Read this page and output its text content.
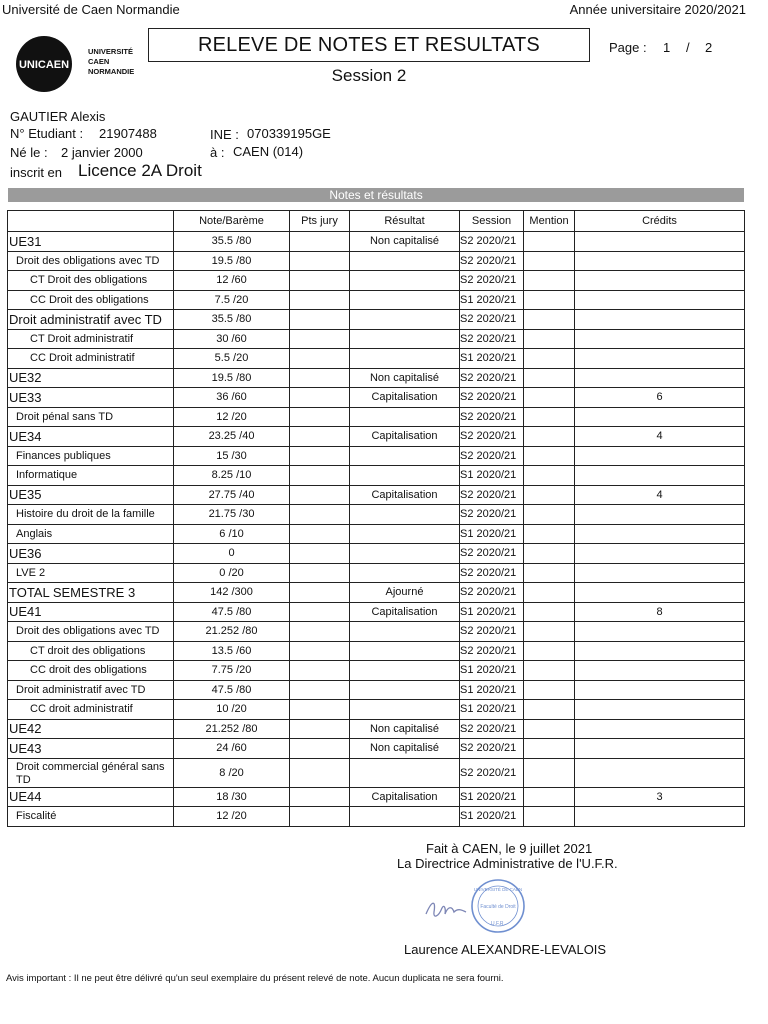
Université de Caen Normandie	Année universitaire 2020/2021
UNICAEN
UNIVERSITÉ
CAEN
NORMANDIE
RELEVE DE NOTES ET RESULTATS
Session 2
Page : 1 / 2
GAUTIER Alexis
N° Etudiant : 21907488	INE : 070339195GE
Né le : 2 janvier 2000	à : CAEN (014)
inscrit en Licence 2A Droit
Notes et résultats
	Note/Barème	Pts jury	Résultat	Session	Mention	Crédits
UE31	35.5 /80		Non capitalisé	S2 2020/21		
Droit des obligations avec TD	19.5 /80			S2 2020/21		
CT Droit des obligations	12 /60			S2 2020/21		
CC Droit des obligations	7.5 /20			S1 2020/21		
Droit administratif avec TD	35.5 /80			S2 2020/21		
CT Droit administratif	30 /60			S2 2020/21		
CC Droit administratif	5.5 /20			S1 2020/21		
UE32	19.5 /80		Non capitalisé	S2 2020/21		
UE33	36 /60		Capitalisation	S2 2020/21		6
Droit pénal sans TD	12 /20			S2 2020/21		
UE34	23.25 /40		Capitalisation	S2 2020/21		4
Finances publiques	15 /30			S2 2020/21		
Informatique	8.25 /10			S1 2020/21		
UE35	27.75 /40		Capitalisation	S2 2020/21		4
Histoire du droit de la famille	21.75 /30			S2 2020/21		
Anglais	6 /10			S1 2020/21		
UE36	0			S2 2020/21		
LVE 2	0 /20			S2 2020/21		
TOTAL SEMESTRE 3	142 /300		Ajourné	S2 2020/21		
UE41	47.5 /80		Capitalisation	S1 2020/21		8
Droit des obligations avec TD	21.252 /80			S2 2020/21		
CT droit des obligations	13.5 /60			S2 2020/21		
CC droit des obligations	7.75 /20			S1 2020/21		
Droit administratif avec TD	47.5 /80			S1 2020/21		
CC droit administratif	10 /20			S1 2020/21		
UE42	21.252 /80		Non capitalisé	S2 2020/21		
UE43	24 /60		Non capitalisé	S2 2020/21		
Droit commercial général sans TD	8 /20			S2 2020/21		
UE44	18 /30		Capitalisation	S1 2020/21		3
Fiscalité	12 /20			S1 2020/21		
Fait à CAEN, le 9 juillet 2021
La Directrice Administrative de l'U.F.R.
UNIVERSITÉ DE CAEN
Faculté de Droit
U.F.R.
Laurence ALEXANDRE-LEVALOIS
Avis important : Il ne peut être délivré qu'un seul exemplaire du présent relevé de note. Aucun duplicata ne sera fourni.
